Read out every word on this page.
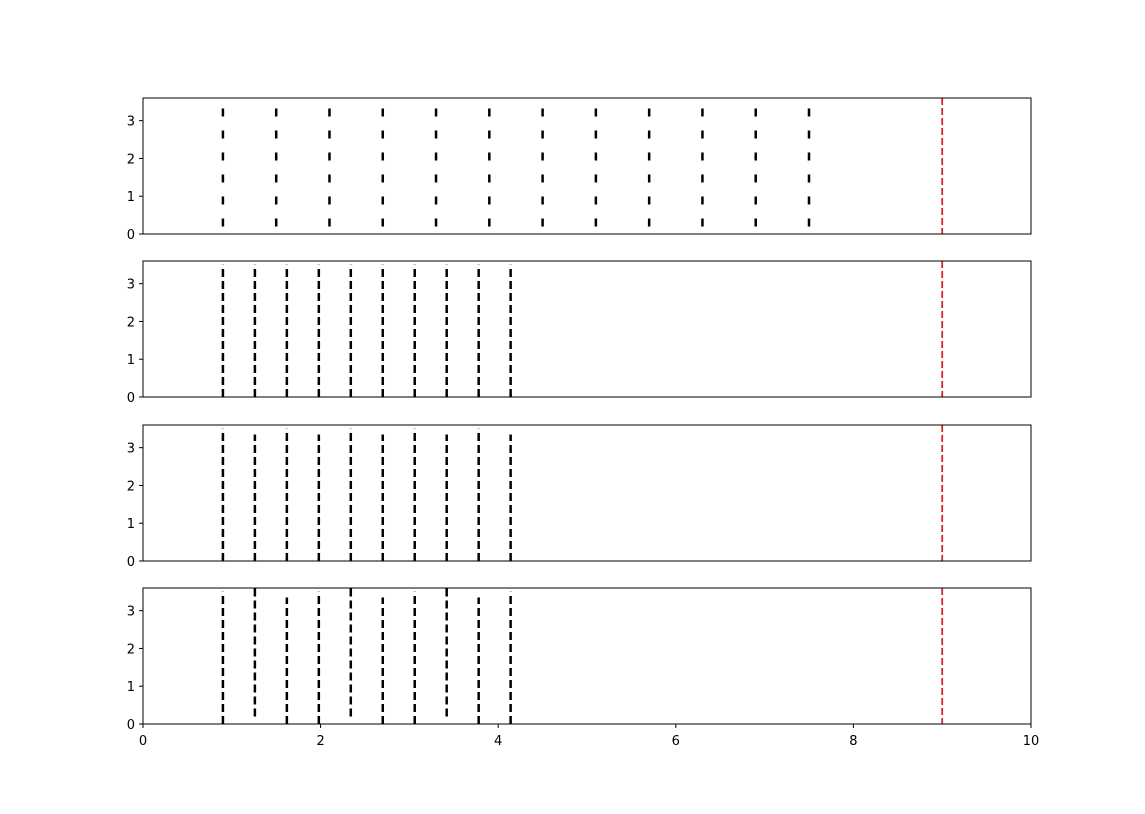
0
1
2
3
0
1
2
3
0
1
2
3
0
1
2
3
0	2	4	6	8	10
